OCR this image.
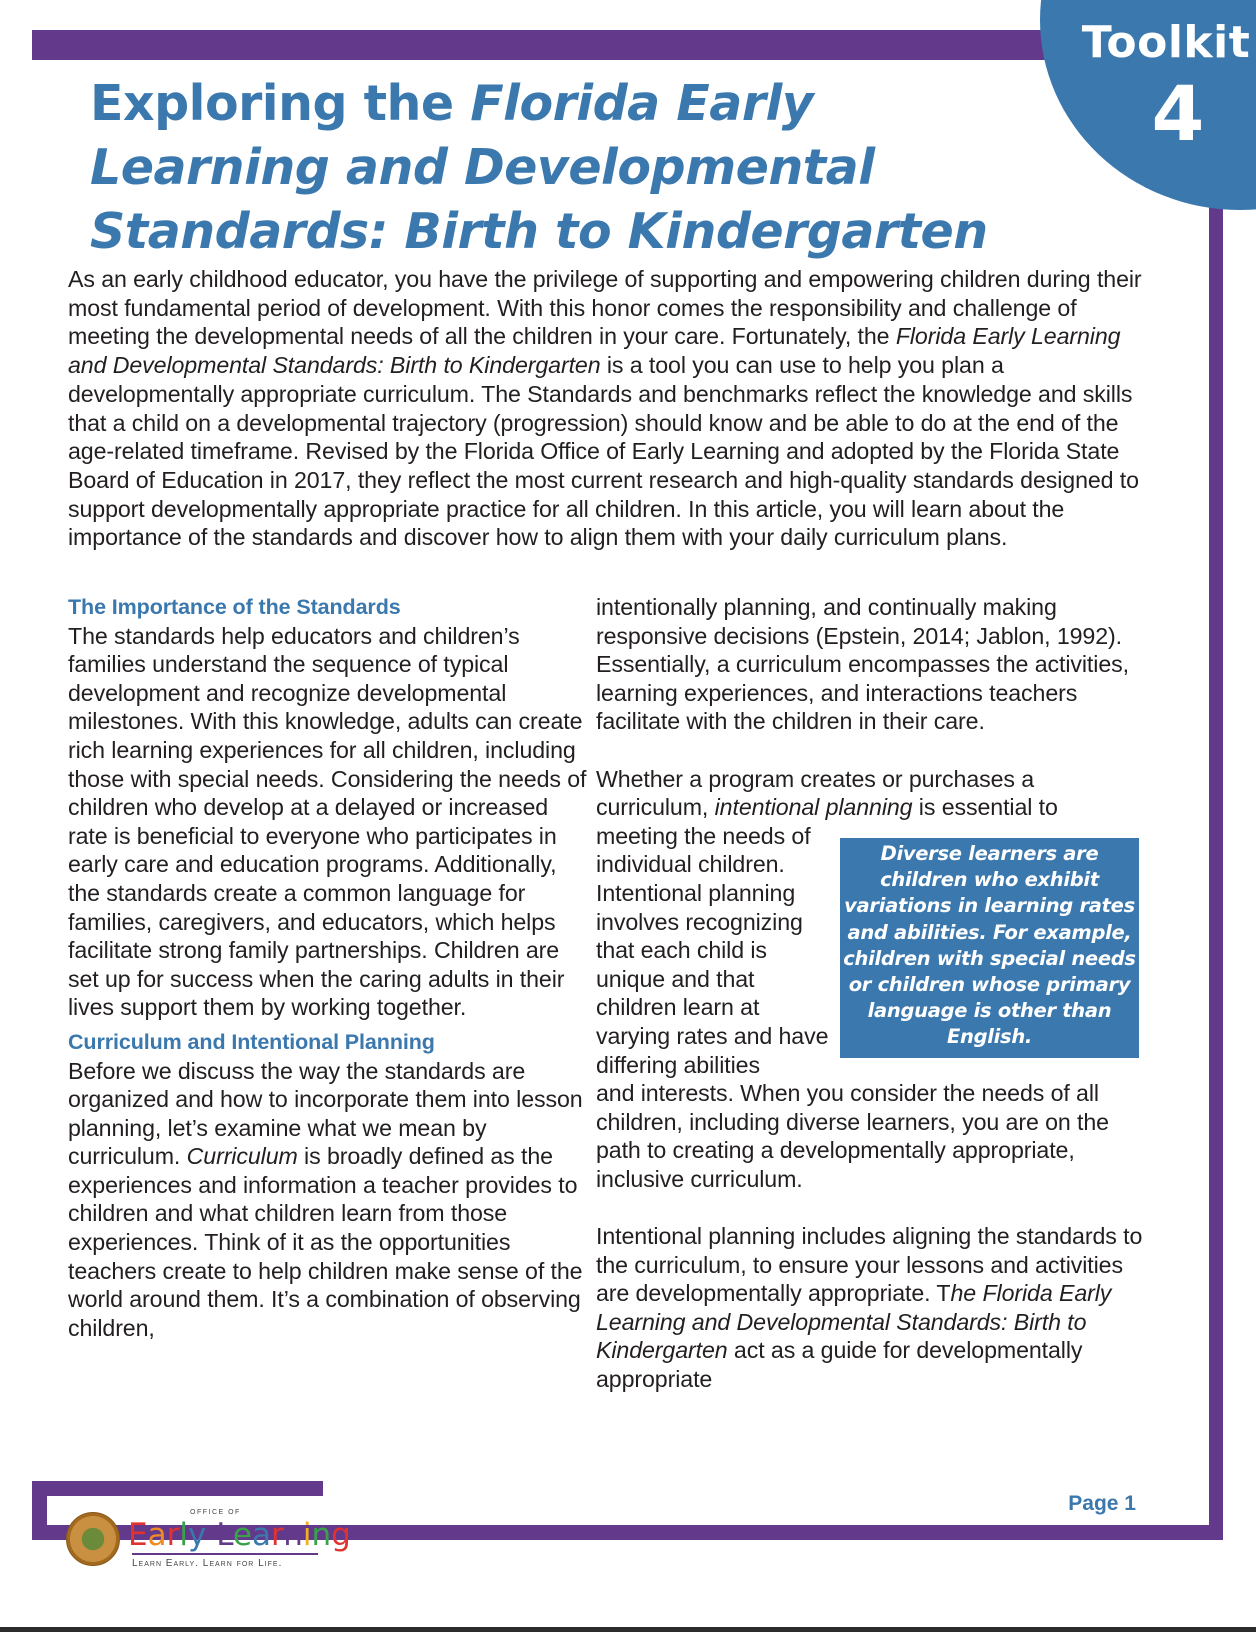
Toolkit
4
Exploring the Florida Early
Learning and Developmental
Standards: Birth to Kindergarten

As an early childhood educator, you have the privilege of supporting and empowering children during their most fundamental period of development. With this honor comes the responsibility and challenge of meeting the developmental needs of all the children in your care. Fortunately, the Florida Early Learning and Developmental Standards: Birth to Kindergarten is a tool you can use to help you plan a developmentally appropriate curriculum. The Standards and benchmarks reflect the knowledge and skills that a child on a developmental trajectory (progression) should know and be able to do at the end of the age-related timeframe. Revised by the Florida Office of Early Learning and adopted by the Florida State Board of Education in 2017, they reflect the most current research and high-quality standards designed to support developmentally appropriate practice for all children. In this article, you will learn about the importance of the standards and discover how to align them with your daily curriculum plans.

The Importance of the Standards

The standards help educators and children’s families understand the sequence of typical development and recognize developmental milestones. With this knowledge, adults can create rich learning experiences for all children, including those with special needs. Considering the needs of children who develop at a delayed or increased rate is beneficial to everyone who participates in early care and education programs. Additionally, the standards create a common language for families, caregivers, and educators, which helps facilitate strong family partnerships. Children are set up for success when the caring adults in their lives support them by working together.

Curriculum and Intentional Planning

Before we discuss the way the standards are organized and how to incorporate them into lesson planning, let’s examine what we mean by curriculum. Curriculum is broadly defined as the experiences and information a teacher provides to children and what children learn from those experiences. Think of it as the opportunities teachers create to help children make sense of the world around them. It’s a combination of observing children,

intentionally planning, and continually making responsive decisions (Epstein, 2014; Jablon, 1992). Essentially, a curriculum encompasses the activities, learning experiences, and interactions teachers facilitate with the children in their care.

Whether a program creates or purchases a curriculum, intentional planning is essential to

meeting the needs of individual children. Intentional planning involves recognizing that each child is unique and that children learn at varying rates and have differing abilities

and interests. When you consider the needs of all children, including diverse learners, you are on the path to creating a developmentally appropriate, inclusive curriculum.

Intentional planning includes aligning the standards to the curriculum, to ensure your lessons and activities are developmentally appropriate. The Florida Early Learning and Developmental Standards: Birth to Kindergarten act as a guide for developmentally appropriate

Diverse learners are children who exhibit variations in learning rates and abilities. For example, children with special needs or children whose primary language is other than English.
OFFICE OF
Early Learning
Learn Early. Learn for Life.
Page 1
